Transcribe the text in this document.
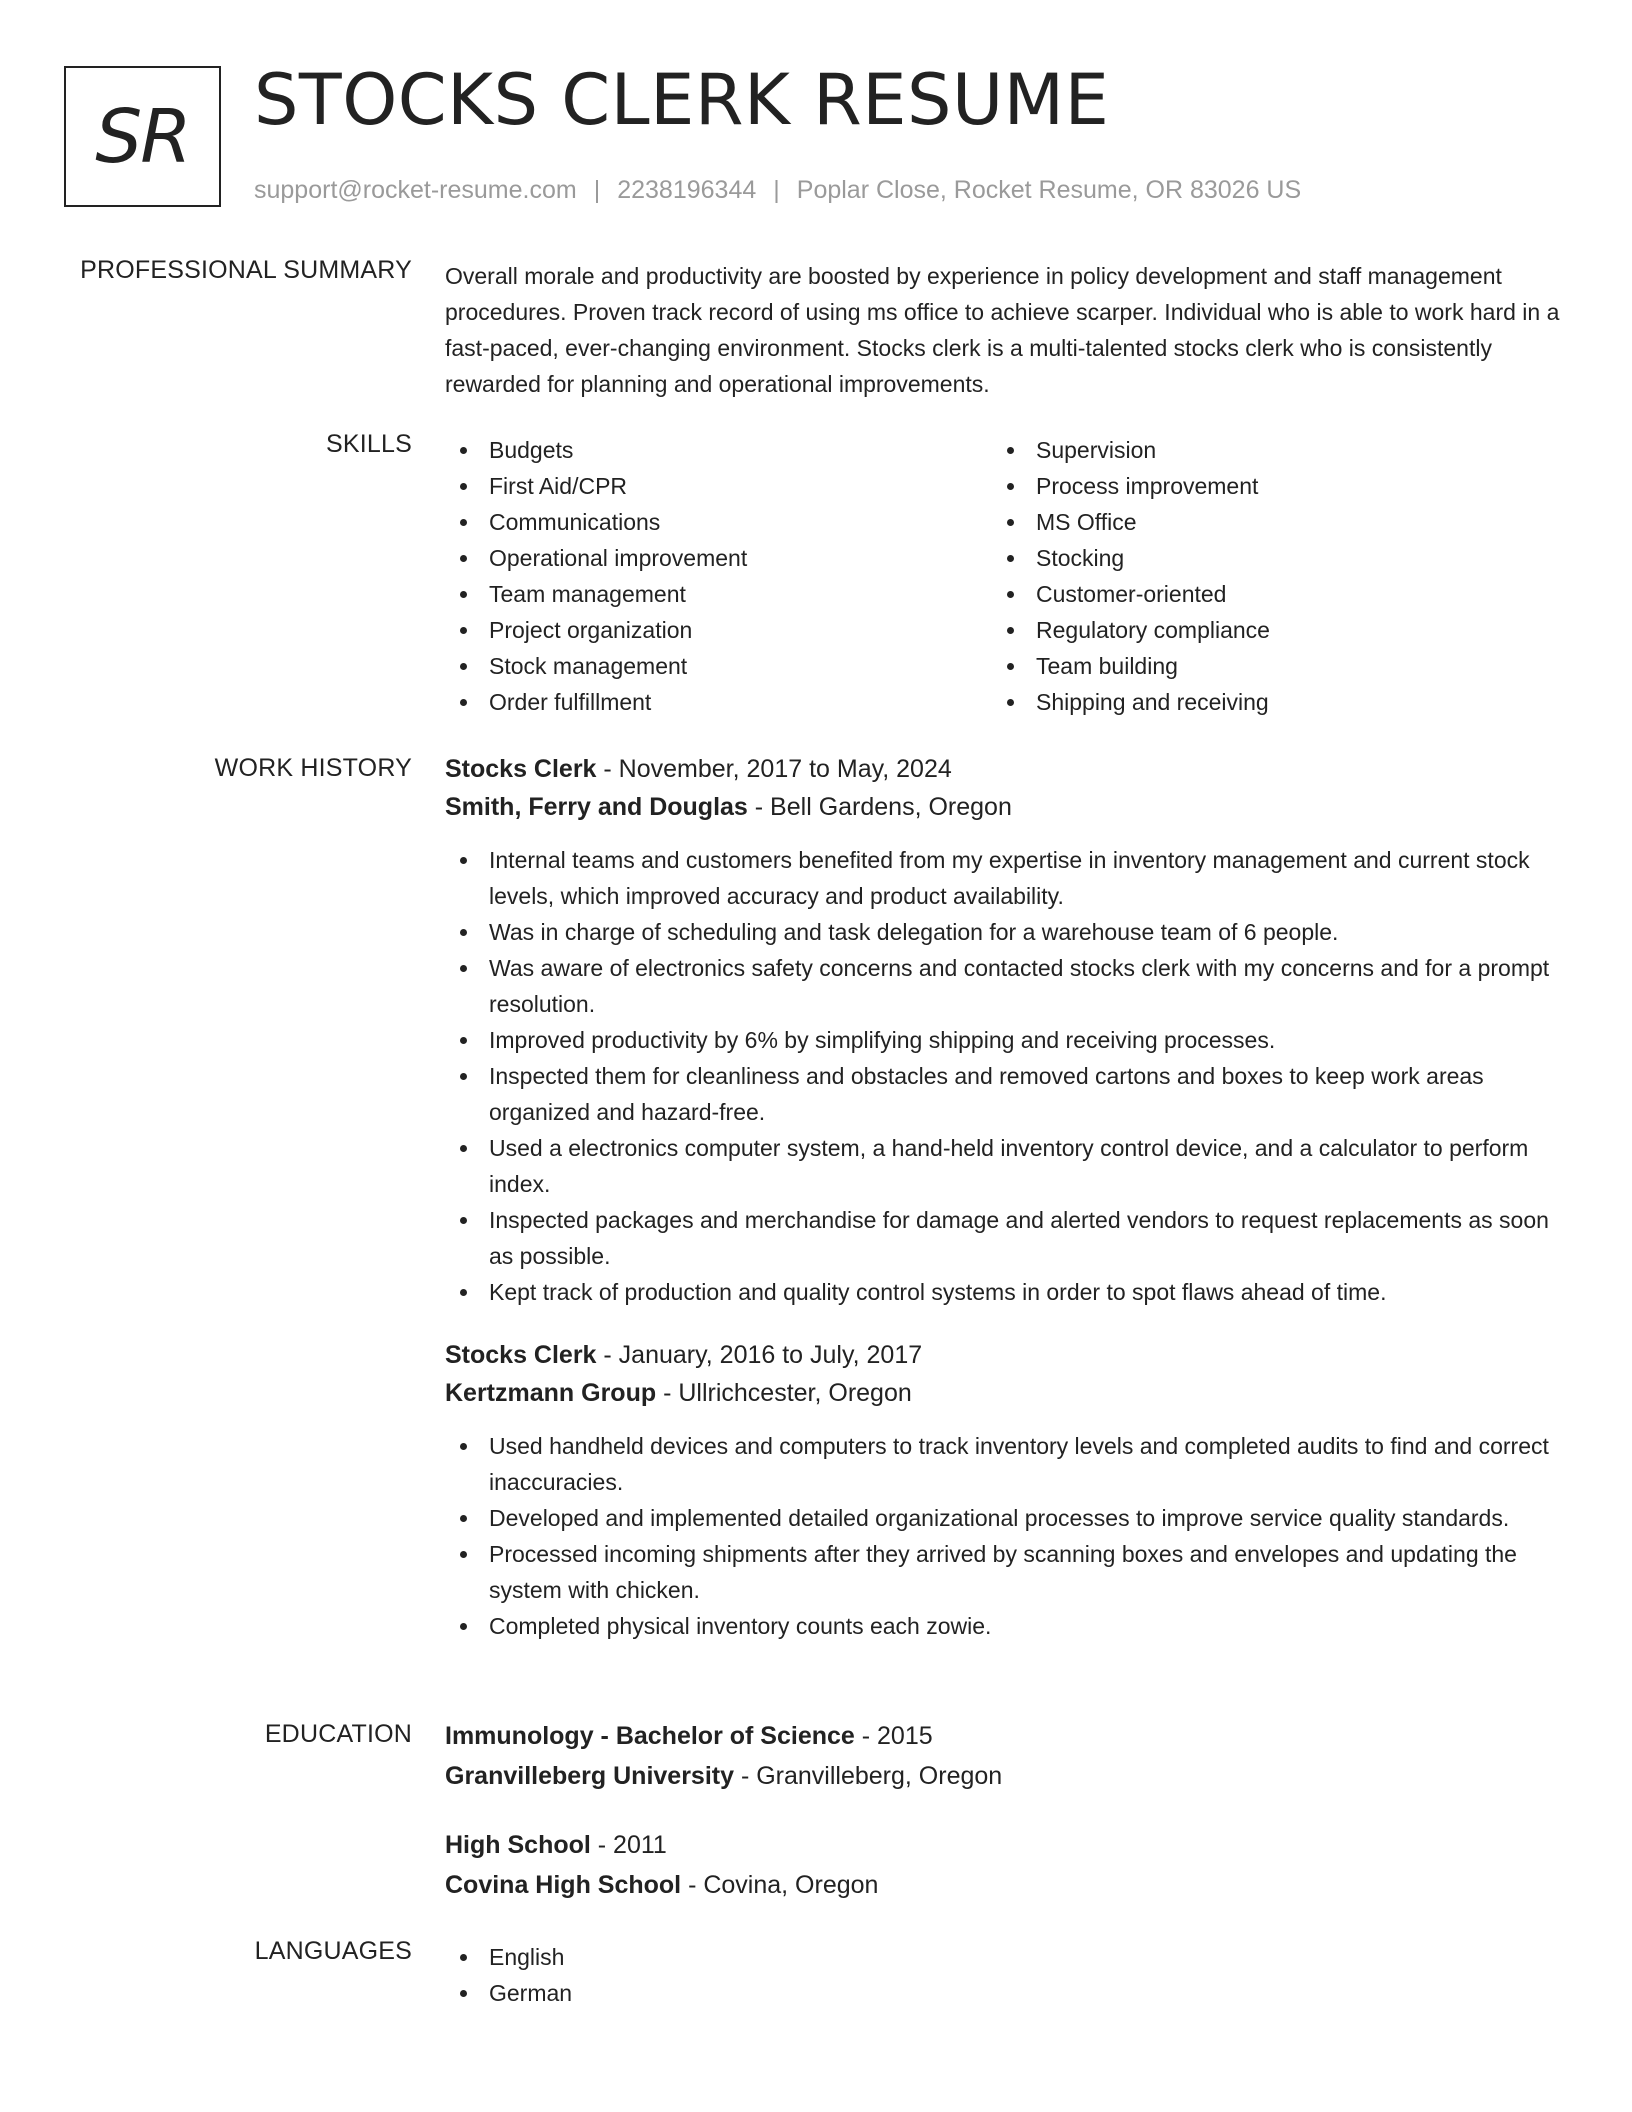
SR STOCKS CLERK RESUME
support@rocket-resume.com | 2238196344 | Poplar Close, Rocket Resume, OR 83026 US
PROFESSIONAL SUMMARY Overall morale and productivity are boosted by experience in policy development and staff management procedures. Proven track record of using ms office to achieve scarper. Individual who is able to work hard in a fast-paced, ever-changing environment. Stocks clerk is a multi-talented stocks clerk who is consistently rewarded for planning and operational improvements.

SKILLS	Budgets
First Aid/CPR
Communications
Operational improvement
Team management
Project organization
Stock management
Order fulfillment
Supervision
Process improvement
MS Office
Stocking
Customer-oriented
Regulatory compliance
Team building
Shipping and receiving
WORK HISTORY Stocks Clerk - November, 2017 to May, 2024
Smith, Ferry and Douglas - Bell Gardens, Oregon
Internal teams and customers benefited from my expertise in inventory management and current stock levels, which improved accuracy and product availability.
Was in charge of scheduling and task delegation for a warehouse team of 6 people.
Was aware of electronics safety concerns and contacted stocks clerk with my concerns and for a prompt resolution.
Improved productivity by 6% by simplifying shipping and receiving processes.
Inspected them for cleanliness and obstacles and removed cartons and boxes to keep work areas organized and hazard-free.
Used a electronics computer system, a hand-held inventory control device, and a calculator to perform index.
Inspected packages and merchandise for damage and alerted vendors to request replacements as soon as possible.
Kept track of production and quality control systems in order to spot flaws ahead of time.
Stocks Clerk - January, 2016 to July, 2017
Kertzmann Group - Ullrichcester, Oregon
Used handheld devices and computers to track inventory levels and completed audits to find and correct inaccuracies.
Developed and implemented detailed organizational processes to improve service quality standards.
Processed incoming shipments after they arrived by scanning boxes and envelopes and updating the system with chicken.
Completed physical inventory counts each zowie.
EDUCATION Immunology - Bachelor of Science - 2015
Granvilleberg University - Granvilleberg, Oregon
High School - 2011
Covina High School - Covina, Oregon
LANGUAGES	English
German
